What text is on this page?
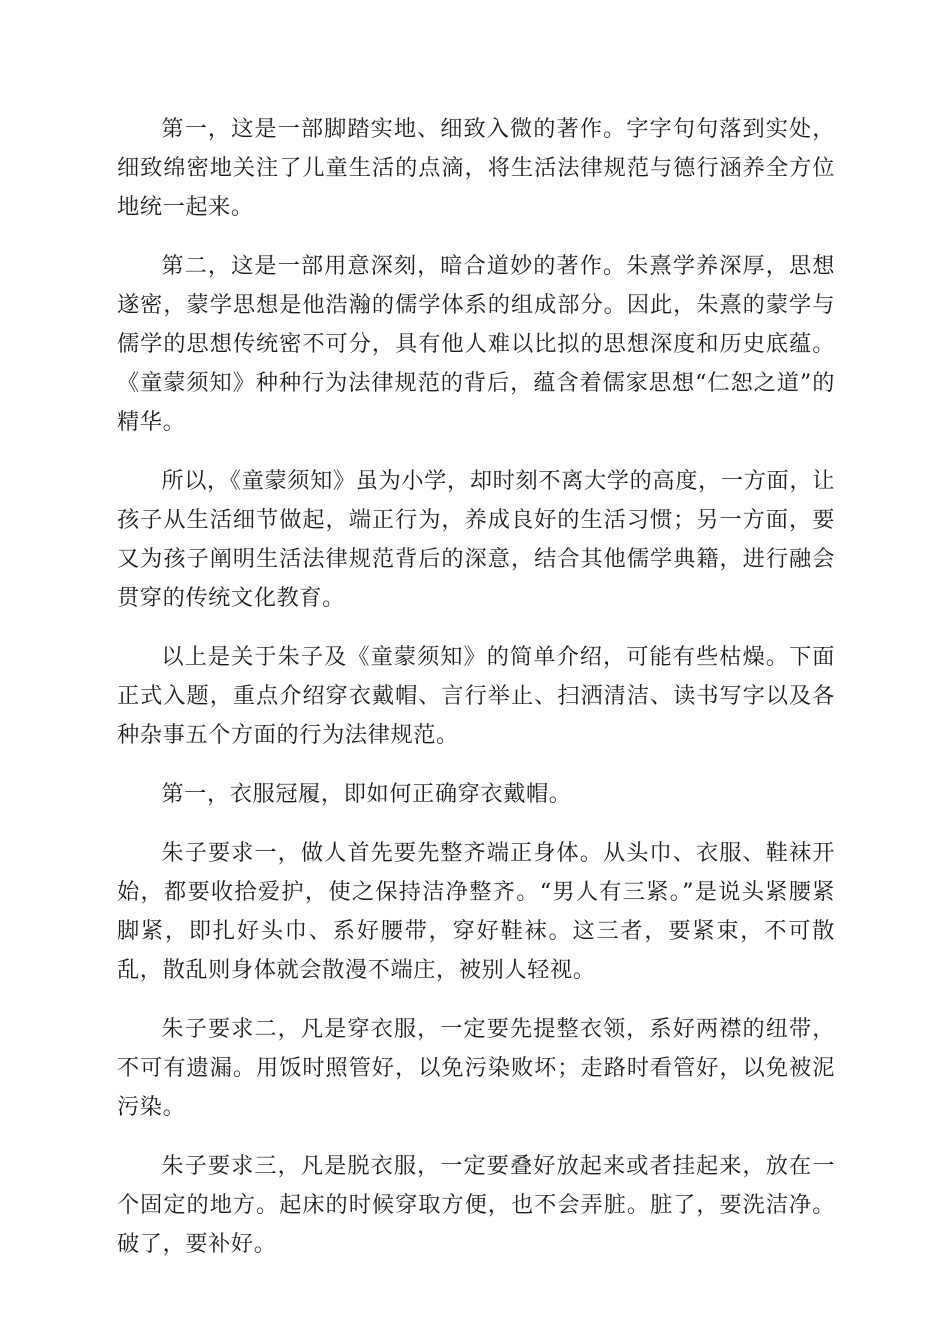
第一，这是一部脚踏实地、细致入微的著作。字字句句落到实处，细致绵密地关注了儿童生活的点滴，将生活法律规范与德行涵养全方位地统一起来。

第二，这是一部用意深刻，暗合道妙的著作。朱熹学养深厚，思想遂密，蒙学思想是他浩瀚的儒学体系的组成部分。因此，朱熹的蒙学与儒学的思想传统密不可分，具有他人难以比拟的思想深度和历史底蕴。《童蒙须知》种种行为法律规范的背后，蕴含着儒家思想“仁恕之道”的精华。

所以，《童蒙须知》虽为小学，却时刻不离大学的高度，一方面，让孩子从生活细节做起，端正行为，养成良好的生活习惯；另一方面，要又为孩子阐明生活法律规范背后的深意，结合其他儒学典籍，进行融会贯穿的传统文化教育。

以上是关于朱子及《童蒙须知》的简单介绍，可能有些枯燥。下面正式入题，重点介绍穿衣戴帽、言行举止、扫洒清洁、读书写字以及各种杂事五个方面的行为法律规范。

第一，衣服冠履，即如何正确穿衣戴帽。

朱子要求一，做人首先要先整齐端正身体。从头巾、衣服、鞋袜开始，都要收拾爱护，使之保持洁净整齐。“男人有三紧。”是说头紧腰紧脚紧，即扎好头巾、系好腰带，穿好鞋袜。这三者，要紧束，不可散乱，散乱则身体就会散漫不端庄，被别人轻视。

朱子要求二，凡是穿衣服，一定要先提整衣领，系好两襟的纽带，不可有遗漏。用饭时照管好，以免污染败坏；走路时看管好，以免被泥污染。

朱子要求三，凡是脱衣服，一定要叠好放起来或者挂起来，放在一个固定的地方。起床的时候穿取方便，也不会弄脏。脏了，要洗洁净。破了，要补好。
